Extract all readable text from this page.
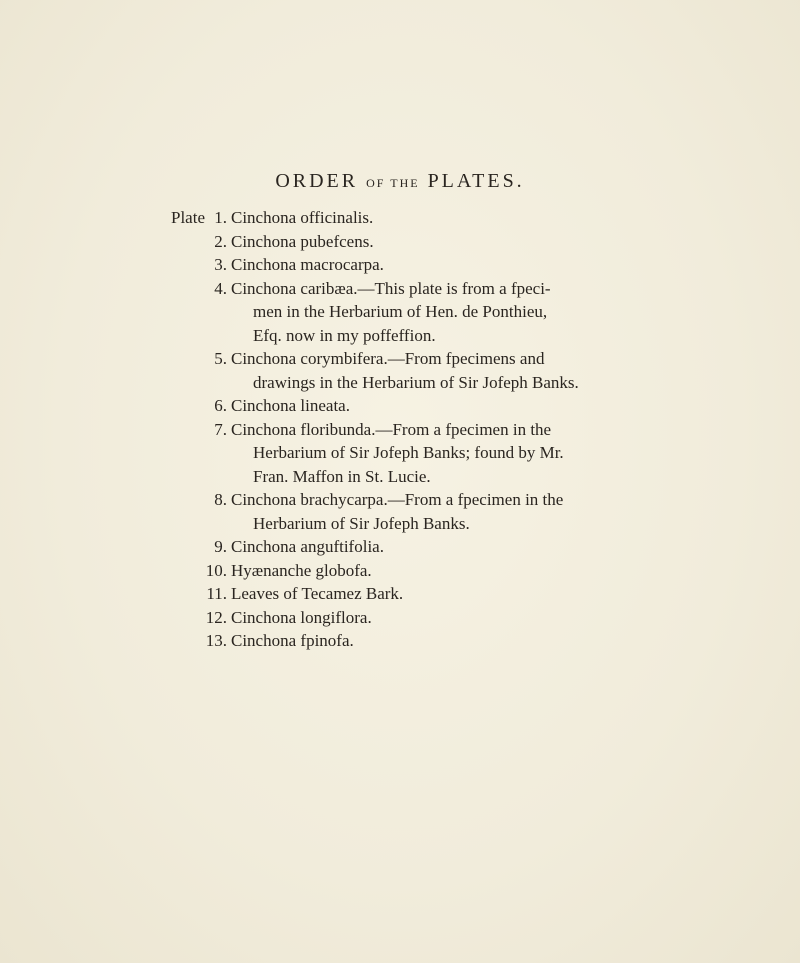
ORDER OF THE PLATES.
Plate 1. Cinchona officinalis.
2. Cinchona pubefcens.
3. Cinchona macrocarpa.
4. Cinchona caribæa.—This plate is from a fpeci-
men in the Herbarium of Hen. de Ponthieu,
Efq. now in my poffeffion.
5. Cinchona corymbifera.—From fpecimens and
drawings in the Herbarium of Sir Jofeph Banks.
6. Cinchona lineata.
7. Cinchona floribunda.—From a fpecimen in the
Herbarium of Sir Jofeph Banks; found by Mr.
Fran. Maffon in St. Lucie.
8. Cinchona brachycarpa.—From a fpecimen in the
Herbarium of Sir Jofeph Banks.
9. Cinchona anguftifolia.
10. Hyænanche globofa.
11. Leaves of Tecamez Bark.
12. Cinchona longiflora.
13. Cinchona fpinofa.
